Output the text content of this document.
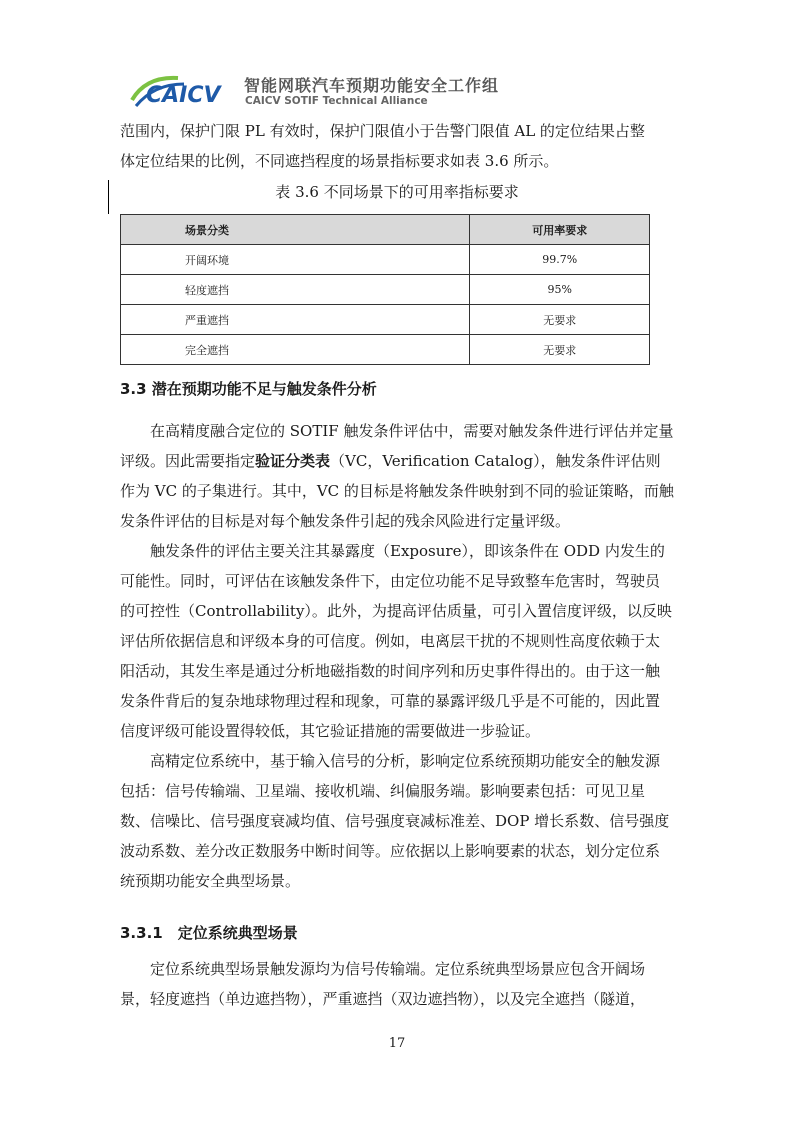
CAICV 智能网联汽车预期功能安全工作组
CAICV SOTIF Technical Alliance

范围内，保护门限 PL 有效时，保护门限值小于告警门限值 AL 的定位结果占整

体定位结果的比例，不同遮挡程度的场景指标要求如表 3.6 所示。

表 3.6 不同场景下的可用率指标要求
场景分类	可用率要求
开阔环境	99.7%
轻度遮挡	95%
严重遮挡	无要求
完全遮挡	无要求
3.3 潜在预期功能不足与触发条件分析

在高精度融合定位的 SOTIF 触发条件评估中，需要对触发条件进行评估并定量评级。因此需要指定验证分类表（VC，Verification Catalog），触发条件评估则作为 VC 的子集进行。其中，VC 的目标是将触发条件映射到不同的验证策略，而触发条件评估的目标是对每个触发条件引起的残余风险进行定量评级。

触发条件的评估主要关注其暴露度（Exposure），即该条件在 ODD 内发生的可能性。同时，可评估在该触发条件下，由定位功能不足导致整车危害时，驾驶员的可控性（Controllability）。此外，为提高评估质量，可引入置信度评级，以反映评估所依据信息和评级本身的可信度。例如，电离层干扰的不规则性高度依赖于太阳活动，其发生率是通过分析地磁指数的时间序列和历史事件得出的。由于这一触发条件背后的复杂地球物理过程和现象，可靠的暴露评级几乎是不可能的，因此置信度评级可能设置得较低，其它验证措施的需要做进一步验证。

高精定位系统中，基于输入信号的分析，影响定位系统预期功能安全的触发源包括：信号传输端、卫星端、接收机端、纠偏服务端。影响要素包括：可见卫星数、信噪比、信号强度衰减均值、信号强度衰减标准差、DOP 增长系数、信号强度波动系数、差分改正数服务中断时间等。应依据以上影响要素的状态，划分定位系统预期功能安全典型场景。

3.3.1　定位系统典型场景

定位系统典型场景触发源均为信号传输端。定位系统典型场景应包含开阔场景，轻度遮挡（单边遮挡物），严重遮挡（双边遮挡物），以及完全遮挡（隧道，

17
